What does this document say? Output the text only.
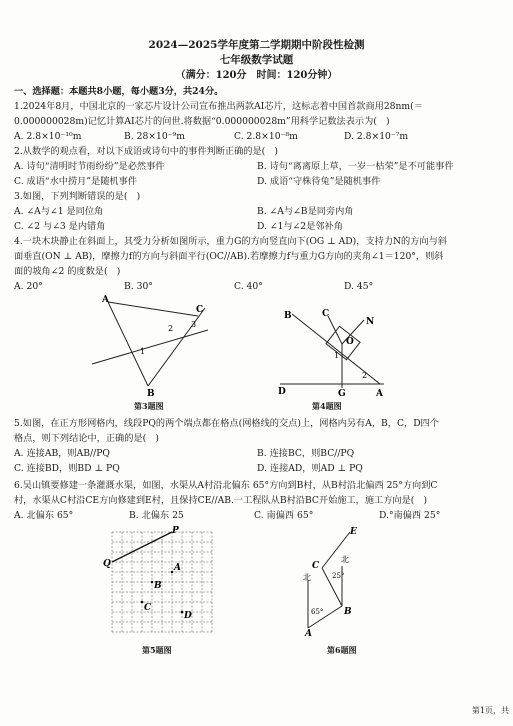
2024—2025学年度第二学期期中阶段性检测
七年级数学试题
（满分：120分　时间：120分钟）
一、选择题：本题共8小题，每小题3分，共24分。
1.2024年8月，中国北京的一家芯片设计公司宣布推出两款AI芯片，这标志着中国首款商用28nm(＝
0.000000028m)记忆计算AI芯片的问世.将数据“0.000000028m”用科学记数法表示为(　)
A. 2.8×10⁻¹⁰m	B. 28×10⁻⁹m	C. 2.8×10⁻⁸m	D. 2.8×10⁻⁷m
2.从数学的观点看，对以下成语或诗句中的事件判断正确的是(　)
A. 诗句“清明时节雨纷纷”是必然事件	B. 诗句“离离原上草，一岁一枯荣”是不可能事件
C. 成语“水中捞月”是随机事件	D. 成语“守株待兔”是随机事件
3.如图，下列判断错误的是(　)
A. ∠A与∠1 是同位角	B. ∠A与∠B是同旁内角
C. ∠2 与∠3 是内错角	D. ∠1与∠2是邻补角
4.一块木块静止在斜面上，其受力分析如图所示，重力G的方向竖直向下(OG ⊥ AD)，支持力N的方向与斜
面垂直(ON ⊥ AB)，摩擦力f的方向与斜面平行(OC//AB).若摩擦力f与重力G方向的夹角∠1＝120°，则斜
面的坡角∠2 的度数是(　)
A. 20°	B. 30°	C. 40°	D. 45°
A
B
C
1
2 3
第3题图
B	C
N
O
1
2
D	G	A
第4题图
5.如图，在正方形网格内，线段PQ的两个端点都在格点(网格线的交点)上，网格内另有A，B，C，D四个
格点，则下列结论中，正确的是(　)
A. 连接AB，则AB//PQ	B. 连接BC，则BC//PQ
C. 连接BD，则BD ⊥ PQ	D. 连接AD，则AD ⊥ PQ
6.吴山镇要修建一条灌溉水渠，如图，水渠从A村沿北偏东 65°方向到B村，从B村沿北偏西 25°方向到C
村，水渠从C村沿CE方向修建到E村，且保持CE//AB.一工程队从B村沿BC开始施工，施工方向是(　)
A. 北偏东 65°	B. 北偏东 25	C. 南偏西 65°	D.°南偏西 25°
P
Q	A
B
C
D
第5题图
E
北
C
25°
北
65° B
A
第6题图
第1页，共
